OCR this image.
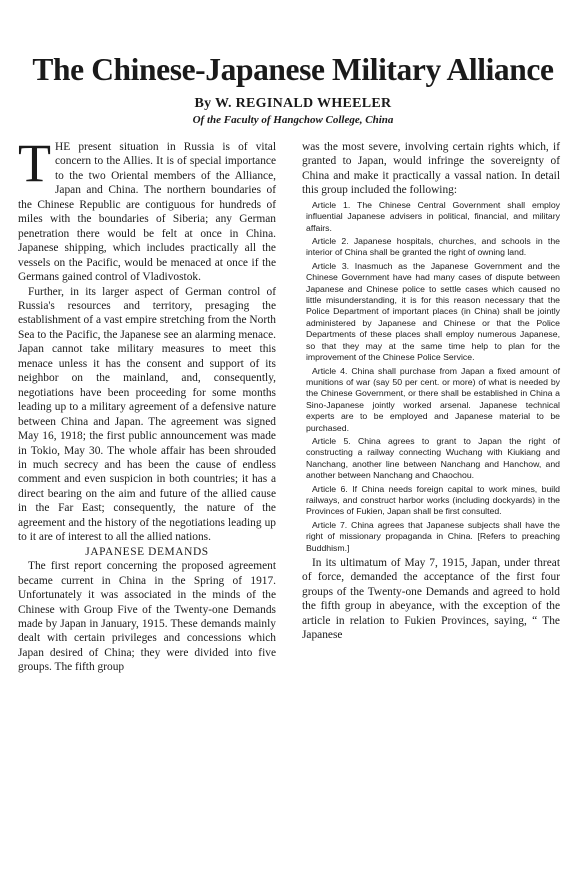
The Chinese-Japanese Military Alliance
By W. REGINALD WHEELER
Of the Faculty of Hangchow College, China

THE present situation in Russia is of vital concern to the Allies. It is of special importance to the two Oriental members of the Alliance, Japan and China. The northern boundaries of the Chinese Republic are contiguous for hundreds of miles with the boundaries of Siberia; any German penetration there would be felt at once in China. Japanese shipping, which includes practically all the vessels on the Pacific, would be menaced at once if the Germans gained control of Vladivostok.

Further, in its larger aspect of German control of Russia's resources and territory, presaging the establishment of a vast empire stretching from the North Sea to the Pacific, the Japanese see an alarming menace. Japan cannot take military measures to meet this menace unless it has the consent and support of its neighbor on the mainland, and, consequently, negotiations have been proceeding for some months leading up to a military agreement of a defensive nature between China and Japan. The agreement was signed May 16, 1918; the first public announcement was made in Tokio, May 30. The whole affair has been shrouded in much secrecy and has been the cause of endless comment and even suspicion in both countries; it has a direct bearing on the aim and future of the allied cause in the Far East; consequently, the nature of the agreement and the history of the negotiations leading up to it are of interest to all the allied nations.

JAPANESE DEMANDS

The first report concerning the proposed agreement became current in China in the Spring of 1917. Unfortunately it was associated in the minds of the Chinese with Group Five of the Twenty-one Demands made by Japan in January, 1915. These demands mainly dealt with certain privileges and concessions which Japan desired of China; they were divided into five groups. The fifth group

was the most severe, involving certain rights which, if granted to Japan, would infringe the sovereignty of China and make it practically a vassal nation. In detail this group included the following:

Article 1. The Chinese Central Government shall employ influential Japanese advisers in political, financial, and military affairs.

Article 2. Japanese hospitals, churches, and schools in the interior of China shall be granted the right of owning land.

Article 3. Inasmuch as the Japanese Government and the Chinese Government have had many cases of dispute between Japanese and Chinese police to settle cases which caused no little misunderstanding, it is for this reason necessary that the Police Department of important places (in China) shall be jointly administered by Japanese and Chinese or that the Police Departments of these places shall employ numerous Japanese, so that they may at the same time help to plan for the improvement of the Chinese Police Service.

Article 4. China shall purchase from Japan a fixed amount of munitions of war (say 50 per cent. or more) of what is needed by the Chinese Government, or there shall be established in China a Sino-Japanese jointly worked arsenal. Japanese technical experts are to be employed and Japanese material to be purchased.

Article 5. China agrees to grant to Japan the right of constructing a railway connecting Wuchang with Kiukiang and Nanchang, another line between Nanchang and Hanchow, and another between Nanchang and Chaochou.

Article 6. If China needs foreign capital to work mines, build railways, and construct harbor works (including dockyards) in the Provinces of Fukien, Japan shall be first consulted.

Article 7. China agrees that Japanese subjects shall have the right of missionary propaganda in China. [Refers to preaching Buddhism.]

In its ultimatum of May 7, 1915, Japan, under threat of force, demanded the acceptance of the first four groups of the Twenty-one Demands and agreed to hold the fifth group in abeyance, with the exception of the article in relation to Fukien Provinces, saying, “ The Japanese
